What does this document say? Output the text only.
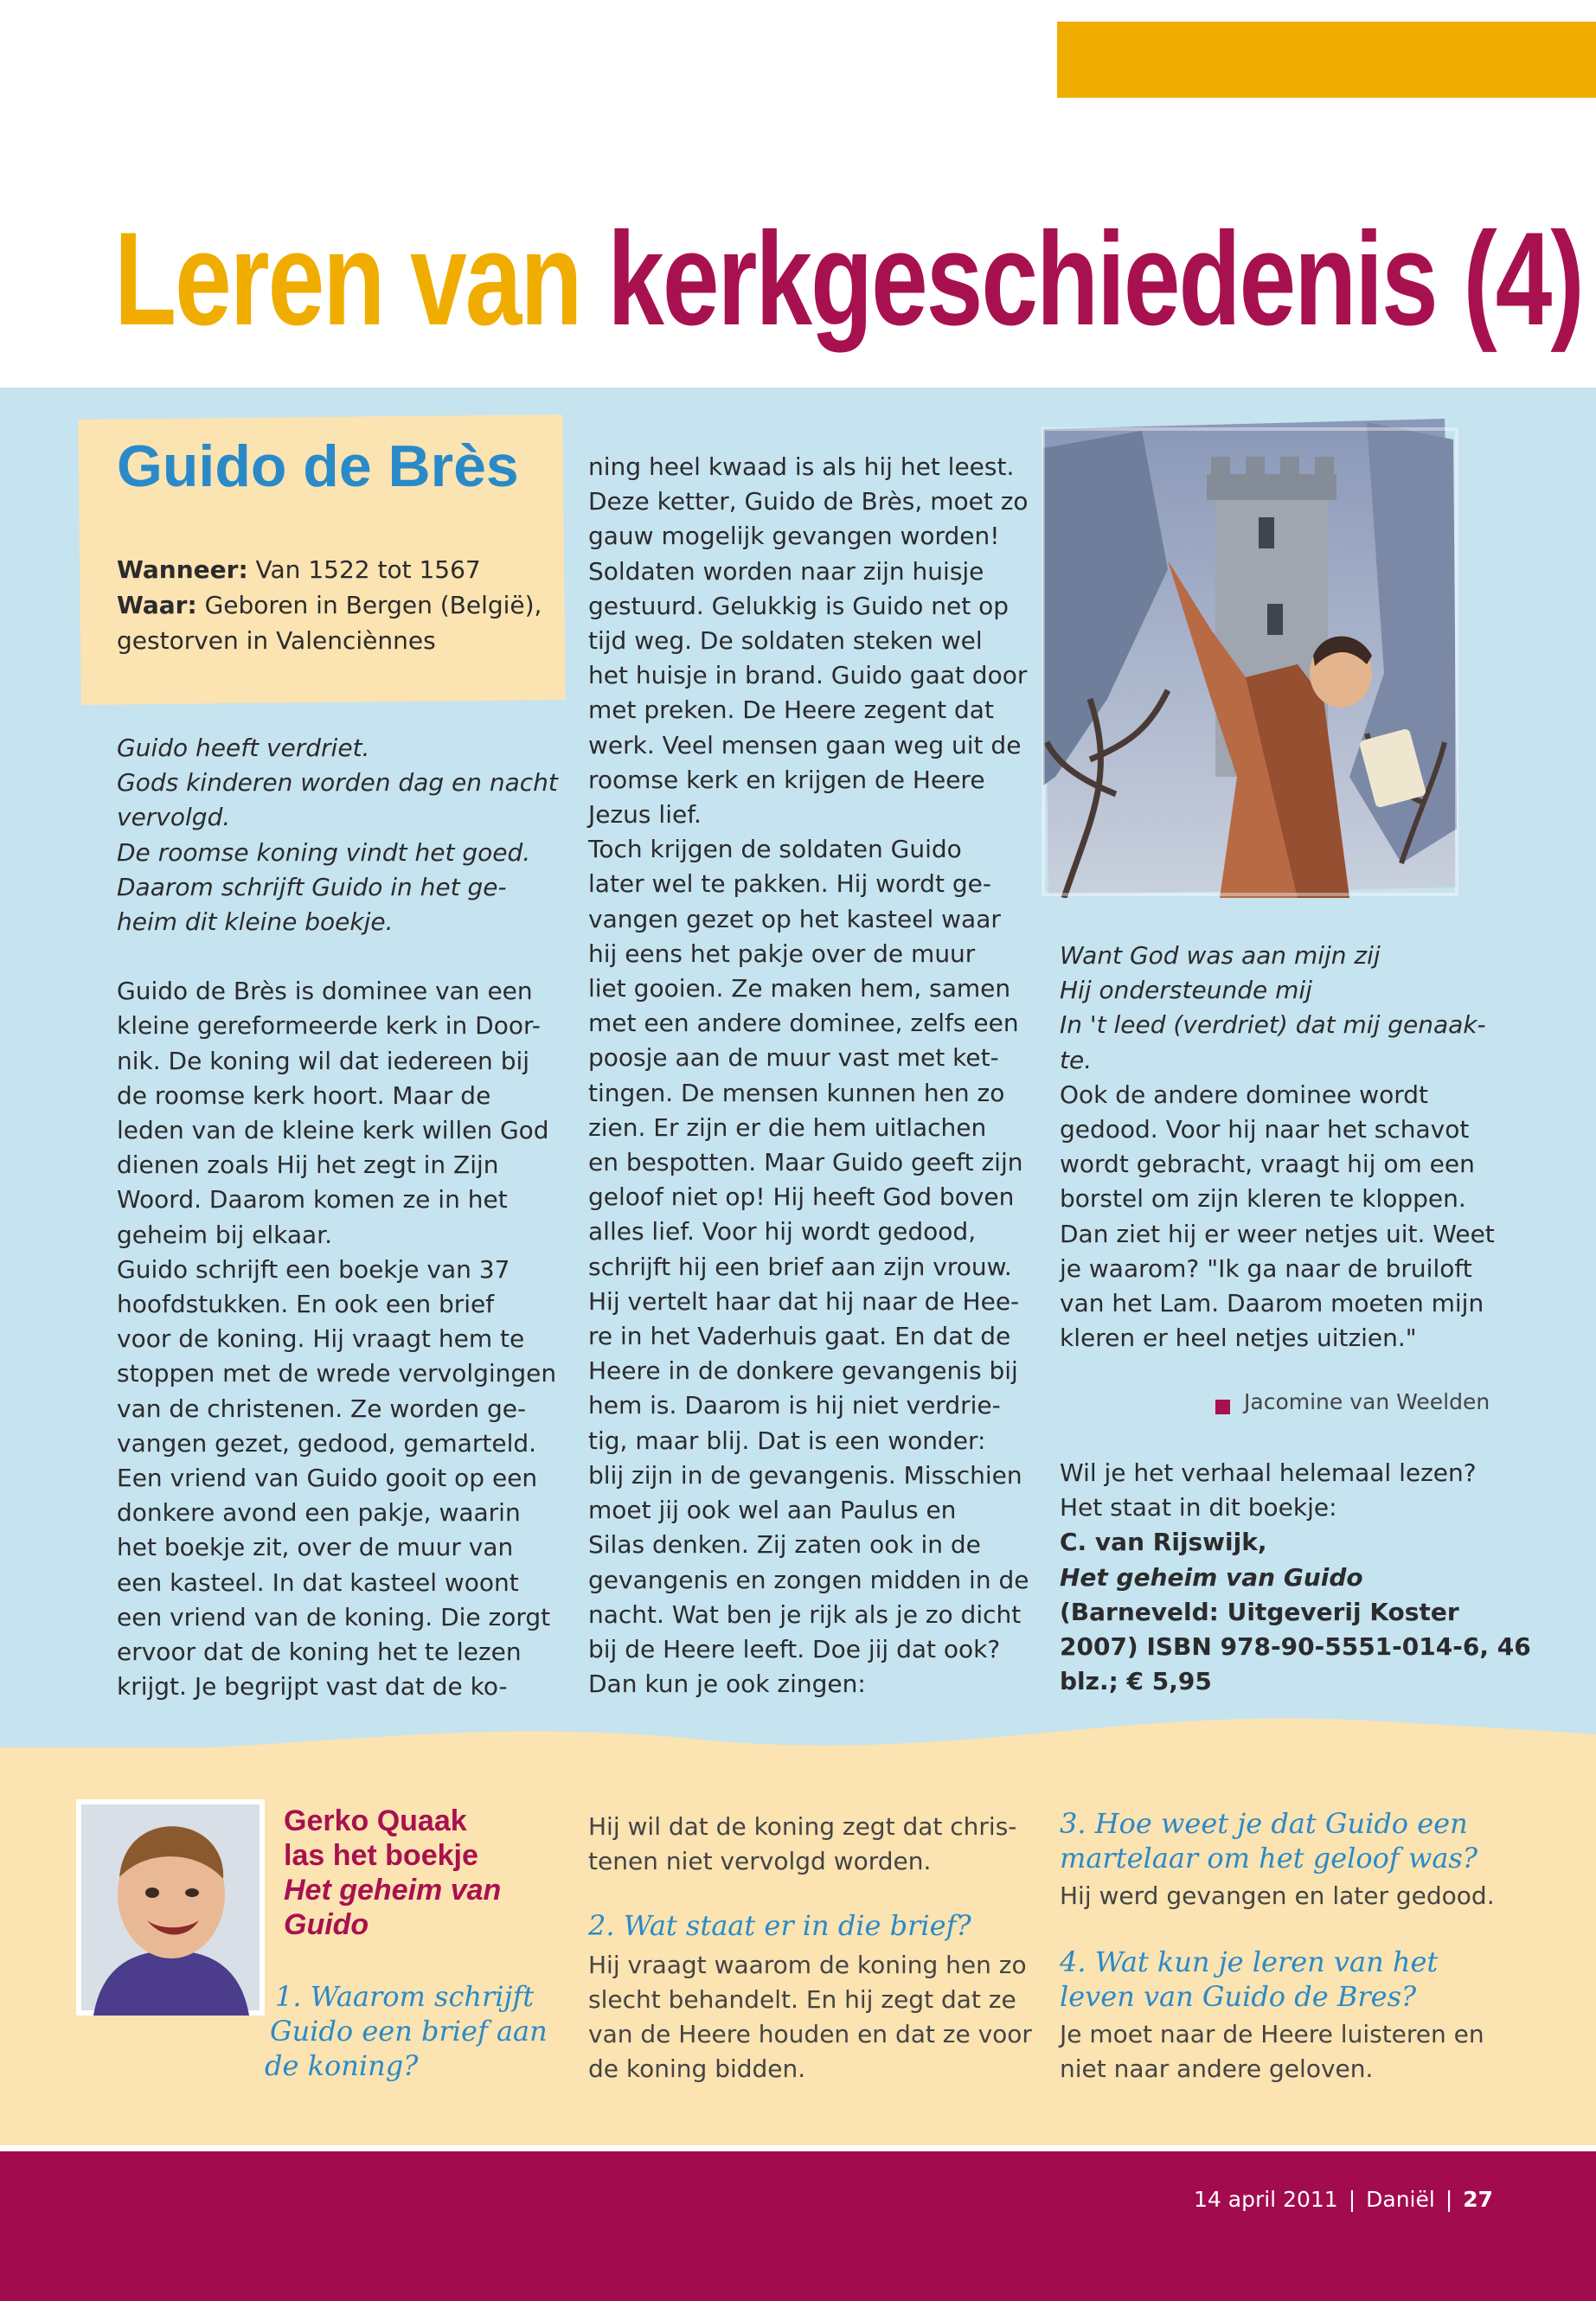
Leren van kerkgeschiedenis (4)
Guido de Brès
Wanneer: Van 1522 tot 1567
Waar: Geboren in Bergen (België),
gestorven in Valenciènnes

Guido heeft verdriet.

Gods kinderen worden dag en nacht

vervolgd.

De roomse koning vindt het goed.

Daarom schrijft Guido in het ge-

heim dit kleine boekje.

Guido de Brès is dominee van een

kleine gereformeerde kerk in Door-

nik. De koning wil dat iedereen bij

de roomse kerk hoort. Maar de

leden van de kleine kerk willen God

dienen zoals Hij het zegt in Zijn

Woord. Daarom komen ze in het

geheim bij elkaar.

Guido schrijft een boekje van 37

hoofdstukken. En ook een brief

voor de koning. Hij vraagt hem te

stoppen met de wrede vervolgingen

van de christenen. Ze worden ge-

vangen gezet, gedood, gemarteld.

Een vriend van Guido gooit op een

donkere avond een pakje, waarin

het boekje zit, over de muur van

een kasteel. In dat kasteel woont

een vriend van de koning. Die zorgt

ervoor dat de koning het te lezen

krijgt. Je begrijpt vast dat de ko-

ning heel kwaad is als hij het leest.

Deze ketter, Guido de Brès, moet zo

gauw mogelijk gevangen worden!

Soldaten worden naar zijn huisje

gestuurd. Gelukkig is Guido net op

tijd weg. De soldaten steken wel

het huisje in brand. Guido gaat door

met preken. De Heere zegent dat

werk. Veel mensen gaan weg uit de

roomse kerk en krijgen de Heere

Jezus lief.

Toch krijgen de soldaten Guido

later wel te pakken. Hij wordt ge-

vangen gezet op het kasteel waar

hij eens het pakje over de muur

liet gooien. Ze maken hem, samen

met een andere dominee, zelfs een

poosje aan de muur vast met ket-

tingen. De mensen kunnen hen zo

zien. Er zijn er die hem uitlachen

en bespotten. Maar Guido geeft zijn

geloof niet op! Hij heeft God boven

alles lief. Voor hij wordt gedood,

schrijft hij een brief aan zijn vrouw.

Hij vertelt haar dat hij naar de Hee-

re in het Vaderhuis gaat. En dat de

Heere in de donkere gevangenis bij

hem is. Daarom is hij niet verdrie-

tig, maar blij. Dat is een wonder:

blij zijn in de gevangenis. Misschien

moet jij ook wel aan Paulus en

Silas denken. Zij zaten ook in de

gevangenis en zongen midden in de

nacht. Wat ben je rijk als je zo dicht

bij de Heere leeft. Doe jij dat ook?

Dan kun je ook zingen:

Want God was aan mijn zij

Hij ondersteunde mij

In 't leed (verdriet) dat mij genaak-

te.

Ook de andere dominee wordt

gedood. Voor hij naar het schavot

wordt gebracht, vraagt hij om een

borstel om zijn kleren te kloppen.

Dan ziet hij er weer netjes uit. Weet

je waarom? "Ik ga naar de bruiloft

van het Lam. Daarom moeten mijn

kleren er heel netjes uitzien."

Jacomine van Weelden

Wil je het verhaal helemaal lezen?

Het staat in dit boekje:

C. van Rijswijk,

Het geheim van Guido

(Barneveld: Uitgeverij Koster

2007) ISBN 978-90-5551-014-6, 46

blz.; € 5,95

Gerko Quaak

las het boekje

Het geheim van

Guido

1. Waarom schrijft
Guido een brief aan
de koning?
Hij wil dat de koning zegt dat chris-
tenen niet vervolgd worden.
2. Wat staat er in die brief?
Hij vraagt waarom de koning hen zo
slecht behandelt. En hij zegt dat ze
van de Heere houden en dat ze voor
de koning bidden.
3. Hoe weet je dat Guido een
martelaar om het geloof was?
Hij werd gevangen en later gedood.
4. Wat kun je leren van het
leven van Guido de Bres?
Je moet naar de Heere luisteren en
niet naar andere geloven.
14 april 2011 | Daniël | 27
